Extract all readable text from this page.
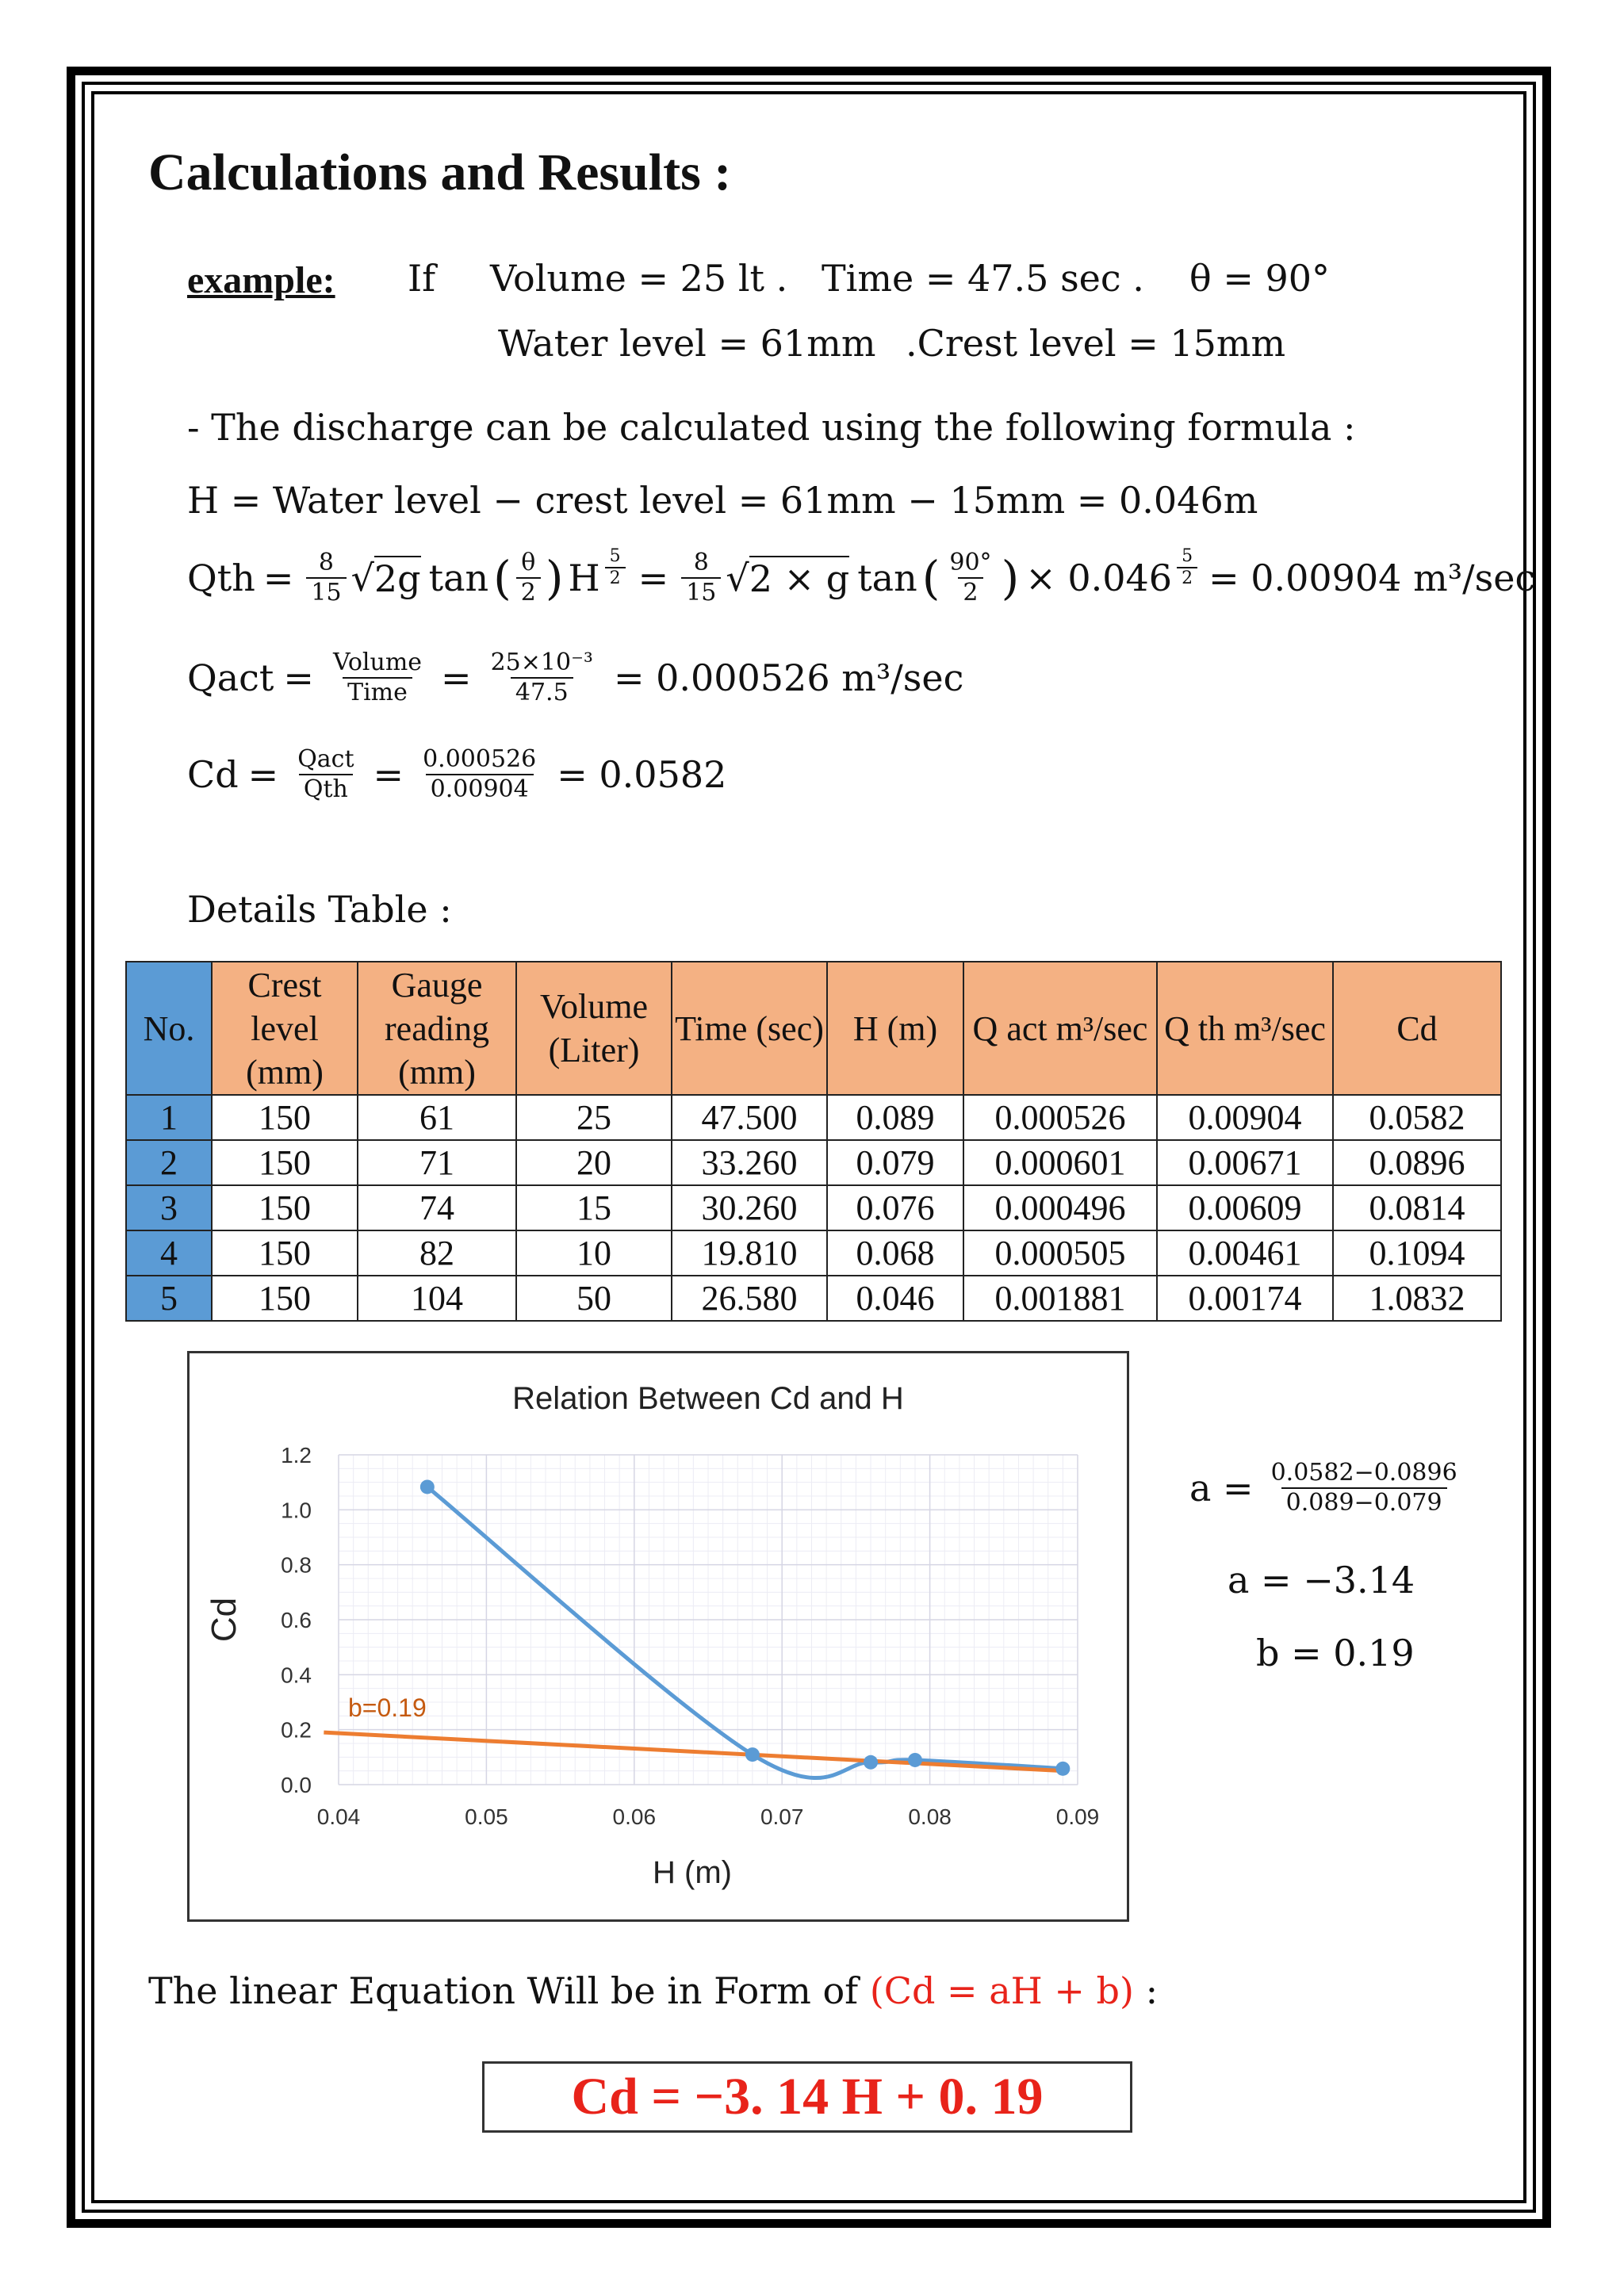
Calculations and Results :
example: If Volume = 25 lt . Time = 47.5 sec . θ = 90°
Water level = 61mm .Crest level = 15mm
- The discharge can be calculated using the following formula :
H = Water level − crest level = 61mm − 15mm = 0.046m
Qth = $\frac{8}{15}$ √ 2g tan ( $\frac{\theta}{2}$ ) H $\frac{5}{2} = \frac{8}{15}$ √ 2 × g tan ( $\frac{90^\circ}{2}$ ) × $0.046 \frac{5}{2} = 0.00904$ m³/sec
Qact = $\frac{\text{Volume}}{\text{Time}} = \frac{\text{25×10⁻³}}{47.5} = 0.000526$ m³/sec
$Cd = \frac{\text{Qact}}{\text{Qth}} = \frac{0.000526}{0.00904} = 0.0582$
Details Table :
No.	Crest level (mm)	Gauge reading (mm)	Volume (Liter)	Time (sec)	H (m)	Q act m³/sec	Q th m³/sec	Cd
1	150	61	25	47.500	0.089	0.000526	0.00904	0.0582
2	150	71	20	33.260	0.079	0.000601	0.00671	0.0896
3	150	74	15	30.260	0.076	0.000496	0.00609	0.0814
4	150	82	10	19.810	0.068	0.000505	0.00461	0.1094
5	150	104	50	26.580	0.046	0.001881	0.00174	1.0832
Relation Between Cd and H
0.04	0.05	0.06	0.07	0.08	0.09
0.0
0.2
0.4
0.6
0.8
1.0
1.2
H (m)
Cd
b=0.19
$a = \frac{0.0582-0.0896}{0.089-0.079}$
a = −3.14
b = 0.19
The linear Equation Will be in Form of (Cd = aH + b) :
Cd = −3. 14 H + 0. 19
